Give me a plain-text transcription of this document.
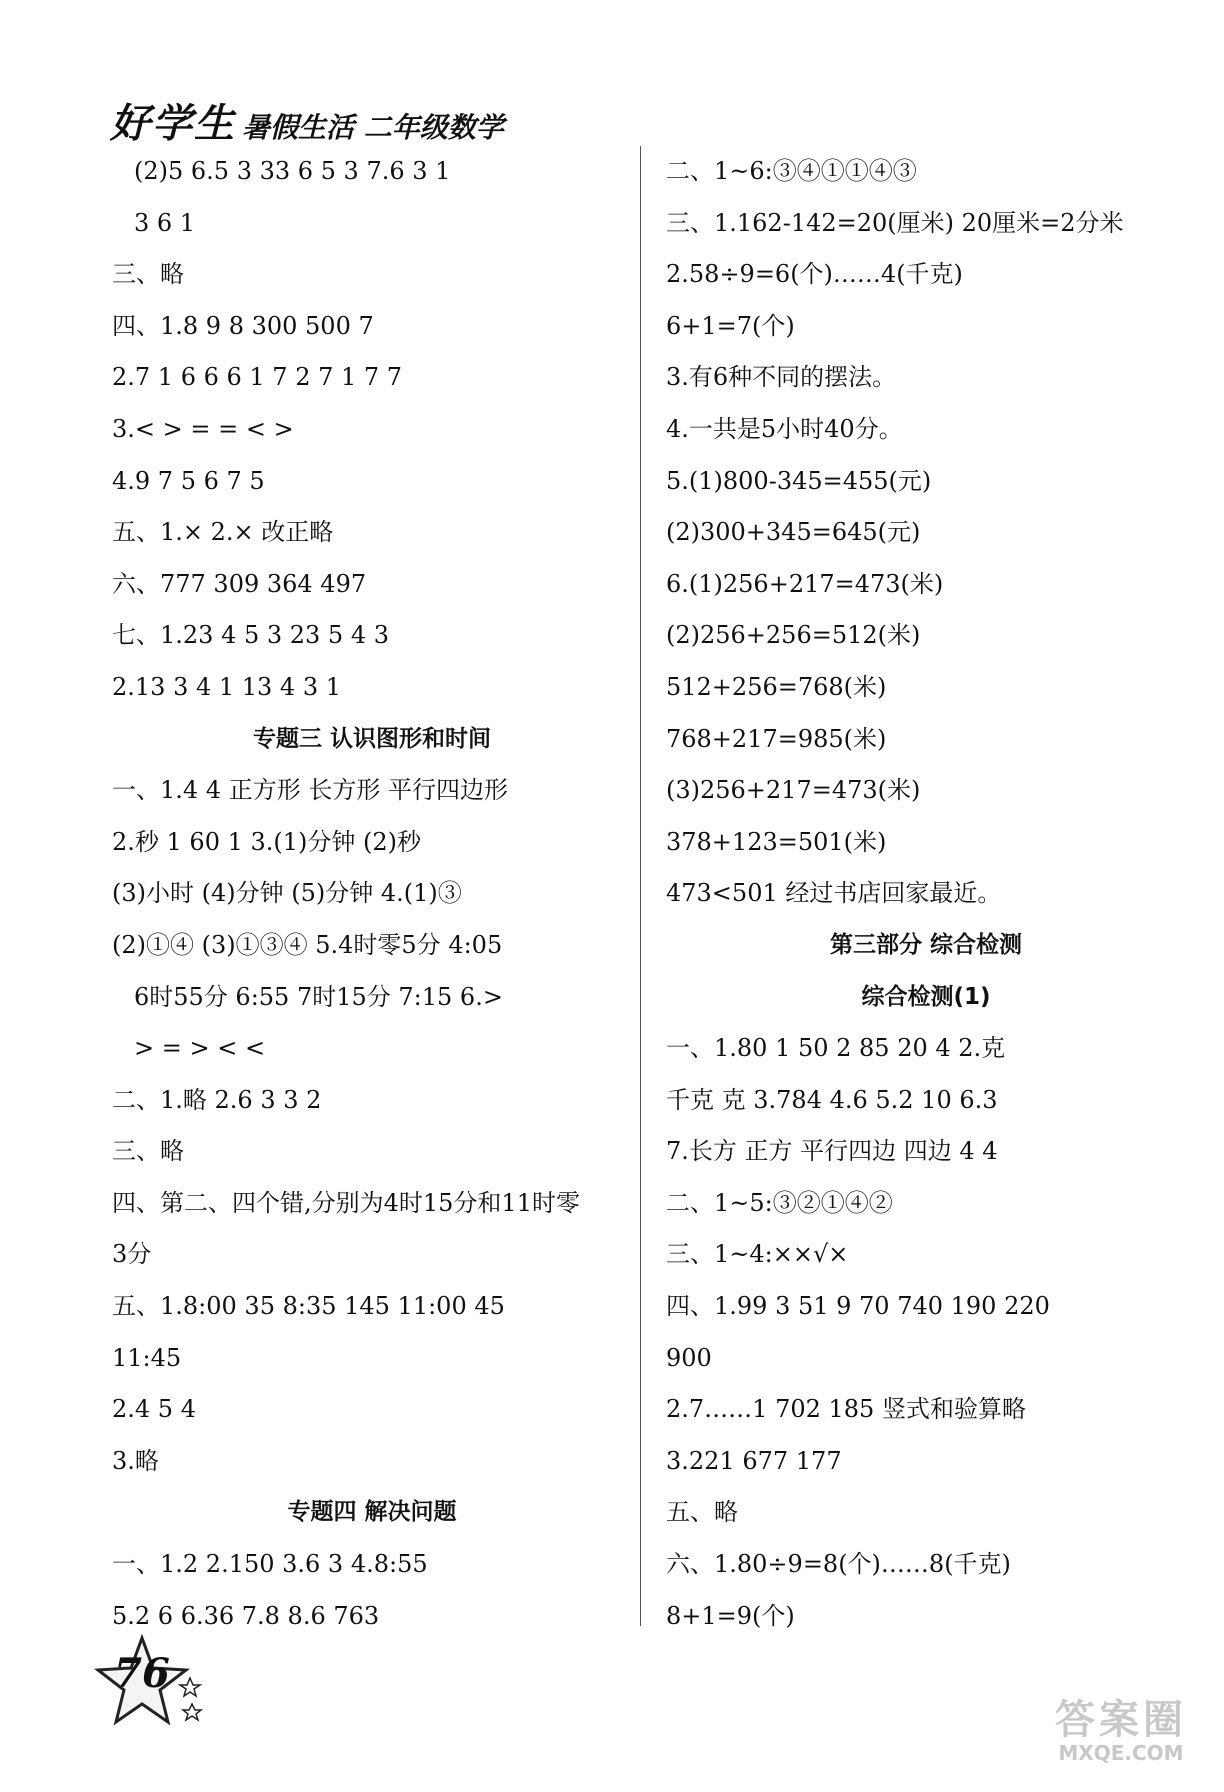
好学生 暑假生活 二年级数学
(2)5 6.5 3 33 6 5 3 7.6 3 1
3 6 1
三、略
四、1.8 9 8 300 500 7
2.7 1 6 6 6 1 7 2 7 1 7 7
3.< > = = < >
4.9 7 5 6 7 5
五、1.× 2.× 改正略
六、777 309 364 497
七、1.23 4 5 3 23 5 4 3
2.13 3 4 1 13 4 3 1
专题三 认识图形和时间
一、1.4 4 正方形 长方形 平行四边形
2.秒 1 60 1 3.(1)分钟 (2)秒
(3)小时 (4)分钟 (5)分钟 4.(1)③
(2)①④ (3)①③④ 5.4时零5分 4:05
6时55分 6:55 7时15分 7:15 6.>
> = > < <
二、1.略 2.6 3 3 2
三、略
四、第二、四个错,分别为4时15分和11时零
3分
五、1.8:00 35 8:35 145 11:00 45
11:45
2.4 5 4
3.略
专题四 解决问题
一、1.2 2.150 3.6 3 4.8:55
5.2 6 6.36 7.8 8.6 763
二、1~6:③④①①④③
三、1.162-142=20(厘米) 20厘米=2分米
2.58÷9=6(个)……4(千克)
6+1=7(个)
3.有6种不同的摆法。
4.一共是5小时40分。
5.(1)800-345=455(元)
(2)300+345=645(元)
6.(1)256+217=473(米)
(2)256+256=512(米)
512+256=768(米)
768+217=985(米)
(3)256+217=473(米)
378+123=501(米)
473<501 经过书店回家最近。
第三部分 综合检测
综合检测(1)
一、1.80 1 50 2 85 20 4 2.克
千克 克 3.784 4.6 5.2 10 6.3
7.长方 正方 平行四边 四边 4 4
二、1~5:③②①④②
三、1~4:××√×
四、1.99 3 51 9 70 740 190 220
900
2.7……1 702 185 竖式和验算略
3.221 677 177
五、略
六、1.80÷9=8(个)……8(千克)
8+1=9(个)
76
答案圈
MXQE.COM
